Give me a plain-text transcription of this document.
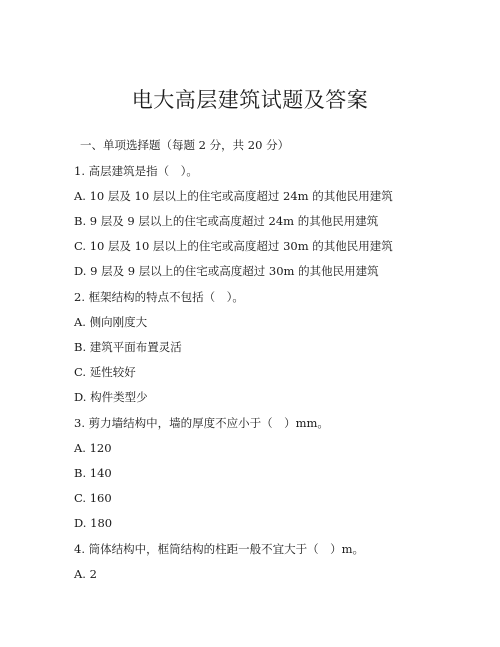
电大高层建筑试题及答案

一、单项选择题（每题 2 分，共 20 分）

1. 高层建筑是指（　）。

A. 10 层及 10 层以上的住宅或高度超过 24m 的其他民用建筑

B. 9 层及 9 层以上的住宅或高度超过 24m 的其他民用建筑

C. 10 层及 10 层以上的住宅或高度超过 30m 的其他民用建筑

D. 9 层及 9 层以上的住宅或高度超过 30m 的其他民用建筑

2. 框架结构的特点不包括（　）。

A. 侧向刚度大

B. 建筑平面布置灵活

C. 延性较好

D. 构件类型少

3. 剪力墙结构中，墙的厚度不应小于（　）mm。

A. 120

B. 140

C. 160

D. 180

4. 筒体结构中，框筒结构的柱距一般不宜大于（　）m。

A. 2
